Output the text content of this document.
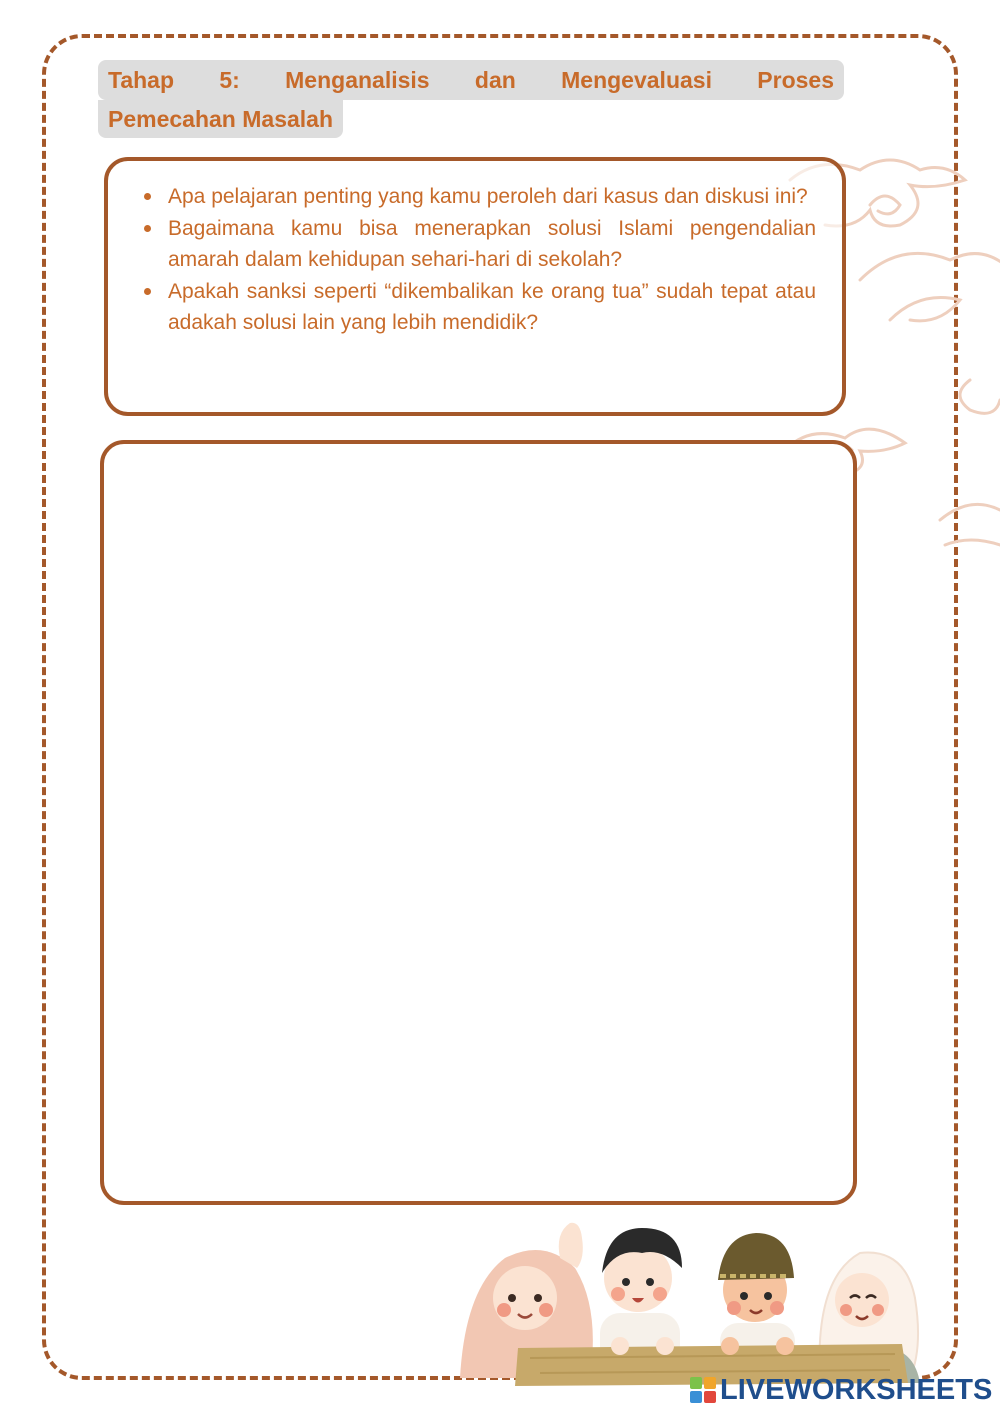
Tahap 5: Menganalisis dan Mengevaluasi Proses
Pemecahan Masalah
Apa pelajaran penting yang kamu peroleh dari kasus dan diskusi ini?
Bagaimana kamu bisa menerapkan solusi Islami pengendalian amarah dalam kehidupan sehari-hari di sekolah?
Apakah sanksi seperti “dikembalikan ke orang tua” sudah tepat atau adakah solusi lain yang lebih mendidik?
LIVEWORKSHEETS
